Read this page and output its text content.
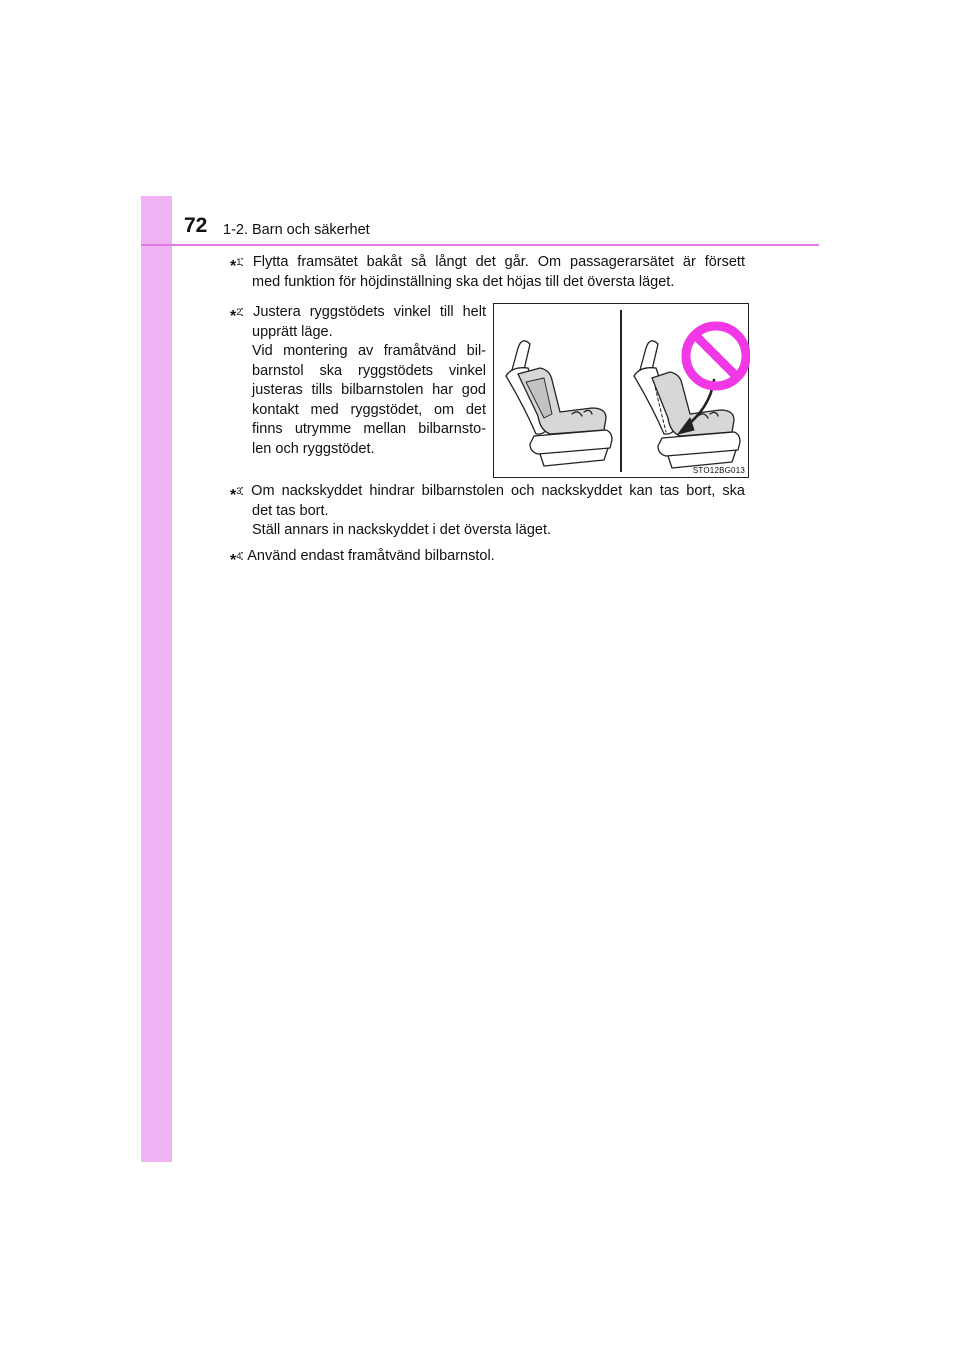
72 1-2. Barn och säkerhet
*$^1$
: Flytta framsätet bakåt så långt det går. Om passagerarsätet är försett
med funktion för höjdinställning ska det höjas till det översta läget.
*$^2$
: Justera ryggstödets vinkel till helt
upprätt läge.
Vid montering av framåtvänd bil-
barnstol ska ryggstödets vinkel
justeras tills bilbarnstolen har god
kontakt med ryggstödet, om det
finns utrymme mellan bilbarnsto-
len och ryggstödet.
STO12BG013
*$^3$
: Om nackskyddet hindrar bilbarnstolen och nackskyddet kan tas bort, ska
det tas bort.
Ställ annars in nackskyddet i det översta läget.
*$^4$
: Använd endast framåtvänd bilbarnstol.
